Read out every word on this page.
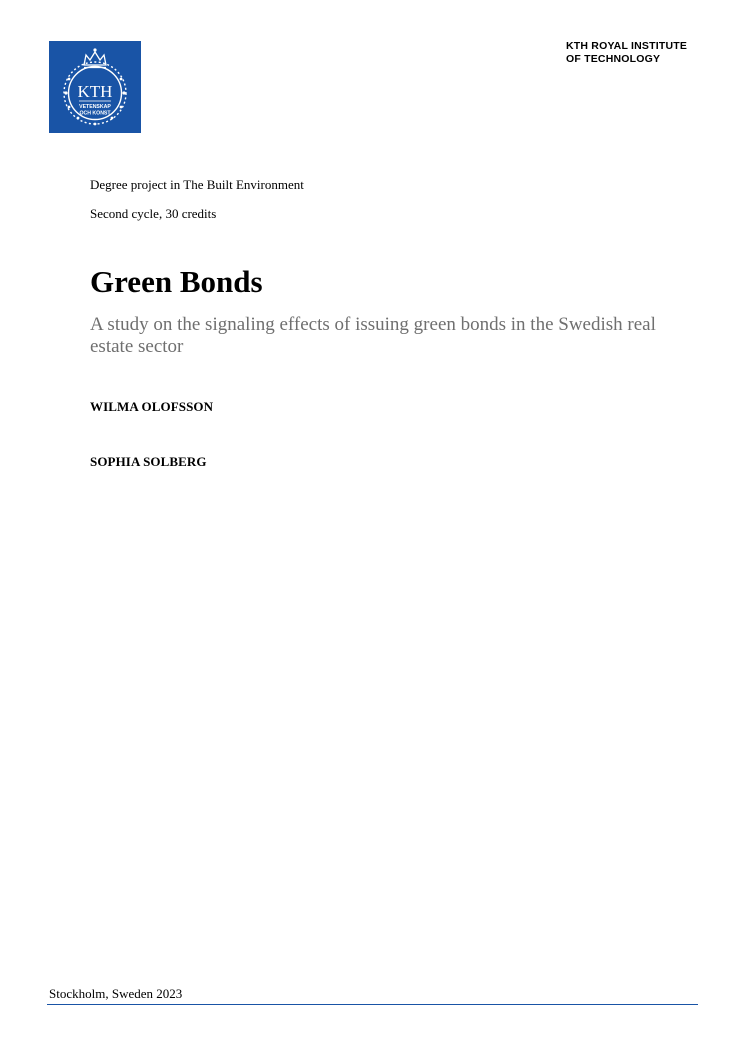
KTH
VETENSKAP
OCH KONST
KTH ROYAL INSTITUTE
OF TECHNOLOGY
Degree project in The Built Environment
Second cycle, 30 credits
Green Bonds
A study on the signaling effects of issuing green bonds in the Swedish real estate sector
WILMA OLOFSSON
SOPHIA SOLBERG
Stockholm, Sweden 2023
